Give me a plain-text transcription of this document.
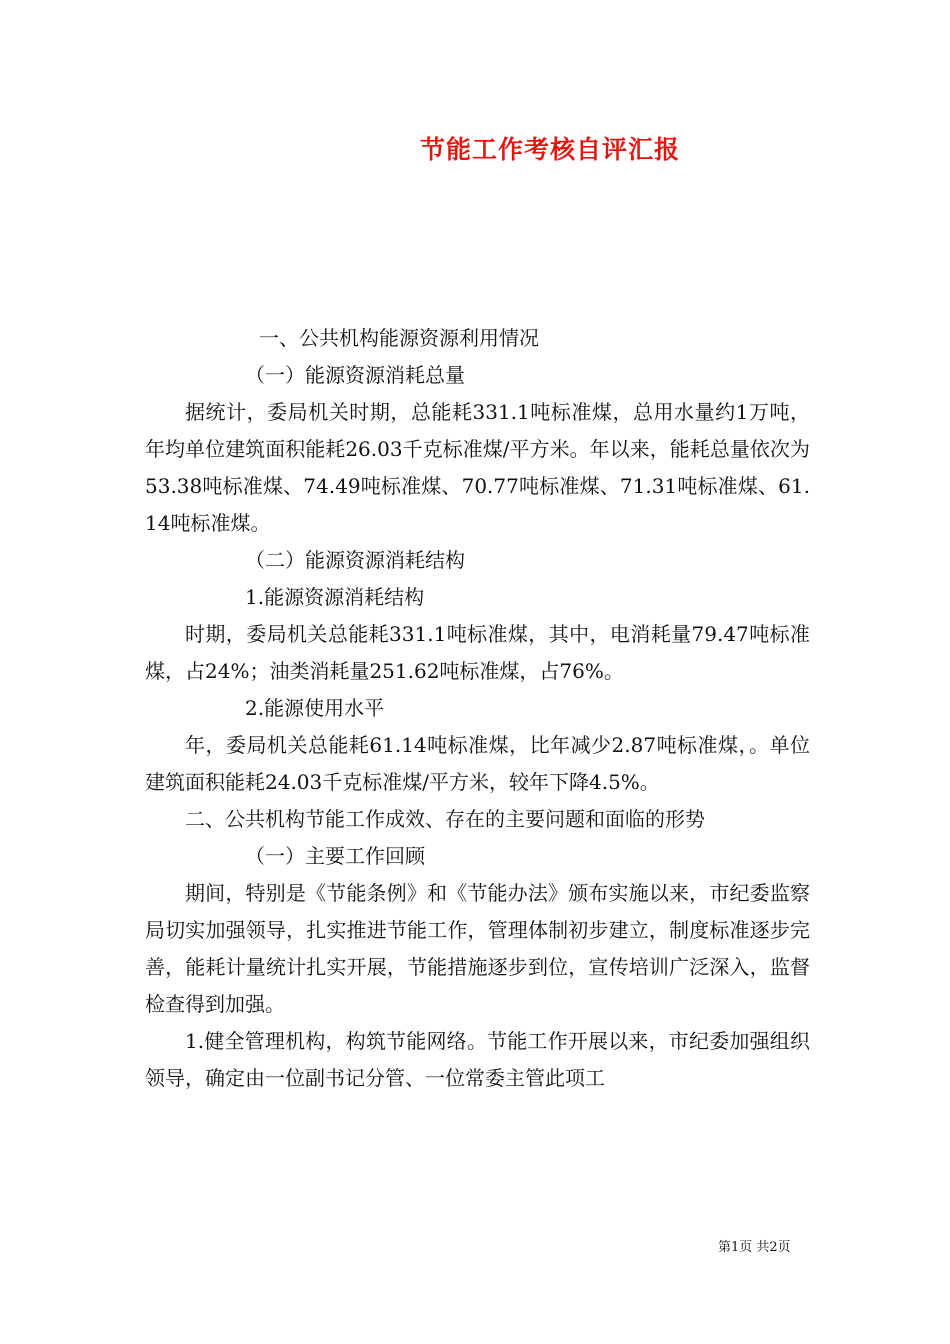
节能工作考核自评汇报

一、公共机构能源资源利用情况

（一）能源资源消耗总量

据统计，委局机关时期，总能耗331.1吨标准煤，总用水量约1万吨，年均单位建筑面积能耗26.03千克标准煤/平方米。年以来，能耗总量依次为53.38吨标准煤、74.49吨标准煤、70.77吨标准煤、71.31吨标准煤、61.14吨标准煤。

（二）能源资源消耗结构

1.能源资源消耗结构

时期，委局机关总能耗331.1吨标准煤，其中，电消耗量79.47吨标准煤，占24%；油类消耗量251.62吨标准煤，占76%。

2.能源使用水平

年，委局机关总能耗61.14吨标准煤，比年减少2.87吨标准煤，。单位建筑面积能耗24.03千克标准煤/平方米，较年下降4.5%。

二、公共机构节能工作成效、存在的主要问题和面临的形势

（一）主要工作回顾

期间，特别是《节能条例》和《节能办法》颁布实施以来，市纪委监察局切实加强领导，扎实推进节能工作，管理体制初步建立，制度标准逐步完善，能耗计量统计扎实开展，节能措施逐步到位，宣传培训广泛深入，监督检查得到加强。

1.健全管理机构，构筑节能网络。节能工作开展以来，市纪委加强组织领导，确定由一位副书记分管、一位常委主管此项工

第1页 共2页
